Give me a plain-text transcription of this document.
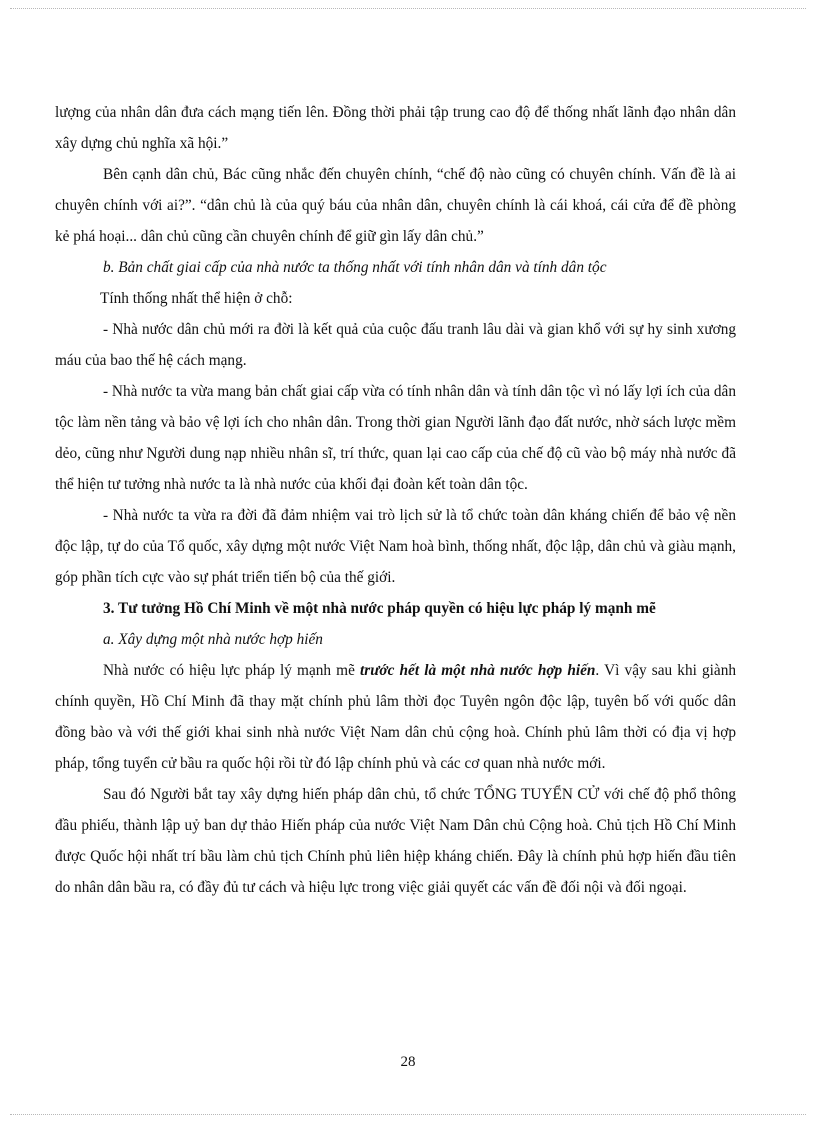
lượng của nhân dân đưa cách mạng tiến lên. Đồng thời phải tập trung cao độ để thống nhất lãnh đạo nhân dân xây dựng chủ nghĩa xã hội.”

Bên cạnh dân chủ, Bác cũng nhắc đến chuyên chính, “chế độ nào cũng có chuyên chính. Vấn đề là ai chuyên chính với ai?”. “dân chủ là của quý báu của nhân dân, chuyên chính là cái khoá, cái cửa để đề phòng kẻ phá hoại... dân chủ cũng cần chuyên chính để giữ gìn lấy dân chủ.”

b. Bản chất giai cấp của nhà nước ta thống nhất với tính nhân dân và tính dân tộc

Tính thống nhất thể hiện ở chỗ:

- Nhà nước dân chủ mới ra đời là kết quả của cuộc đấu tranh lâu dài và gian khổ với sự hy sinh xương máu của bao thế hệ cách mạng.

- Nhà nước ta vừa mang bản chất giai cấp vừa có tính nhân dân và tính dân tộc vì nó lấy lợi ích của dân tộc làm nền tảng và bảo vệ lợi ích cho nhân dân. Trong thời gian Người lãnh đạo đất nước, nhờ sách lược mềm dẻo, cũng như Người dung nạp nhiều nhân sĩ, trí thức, quan lại cao cấp của chế độ cũ vào bộ máy nhà nước đã thể hiện tư tưởng nhà nước ta là nhà nước của khối đại đoàn kết toàn dân tộc.

- Nhà nước ta vừa ra đời đã đảm nhiệm vai trò lịch sử là tổ chức toàn dân kháng chiến để bảo vệ nền độc lập, tự do của Tổ quốc, xây dựng một nước Việt Nam hoà bình, thống nhất, độc lập, dân chủ và giàu mạnh, góp phần tích cực vào sự phát triển tiến bộ của thế giới.

3. Tư tưởng Hồ Chí Minh về một nhà nước pháp quyền có hiệu lực pháp lý mạnh mẽ

a. Xây dựng một nhà nước hợp hiến

Nhà nước có hiệu lực pháp lý mạnh mẽ trước hết là một nhà nước hợp hiến. Vì vậy sau khi giành chính quyền, Hồ Chí Minh đã thay mặt chính phủ lâm thời đọc Tuyên ngôn độc lập, tuyên bố với quốc dân đồng bào và với thế giới khai sinh nhà nước Việt Nam dân chủ cộng hoà. Chính phủ lâm thời có địa vị hợp pháp, tổng tuyển cử bầu ra quốc hội rồi từ đó lập chính phủ và các cơ quan nhà nước mới.

Sau đó Người bắt tay xây dựng hiến pháp dân chủ, tổ chức TỔNG TUYỂN CỬ với chế độ phổ thông đầu phiếu, thành lập uỷ ban dự thảo Hiến pháp của nước Việt Nam Dân chủ Cộng hoà. Chủ tịch Hồ Chí Minh được Quốc hội nhất trí bầu làm chủ tịch Chính phủ liên hiệp kháng chiến. Đây là chính phủ hợp hiến đầu tiên do nhân dân bầu ra, có đầy đủ tư cách và hiệu lực trong việc giải quyết các vấn đề đối nội và đối ngoại.

28
